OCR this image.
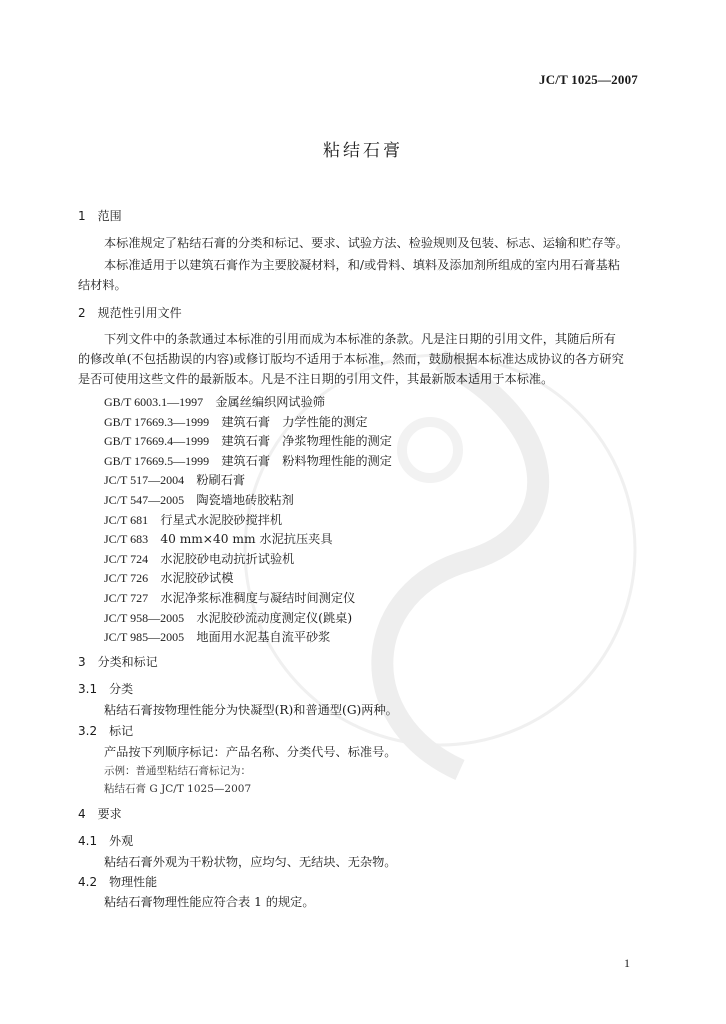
JC/T 1025—2007
粘结石膏
1　范围
本标准规定了粘结石膏的分类和标记、要求、试验方法、检验规则及包装、标志、运输和贮存等。
本标准适用于以建筑石膏作为主要胶凝材料，和/或骨料、填料及添加剂所组成的室内用石膏基粘
结材料。
2　规范性引用文件
下列文件中的条款通过本标准的引用而成为本标准的条款。凡是注日期的引用文件，其随后所有
的修改单(不包括勘误的内容)或修订版均不适用于本标准，然而，鼓励根据本标准达成协议的各方研究
是否可使用这些文件的最新版本。凡是不注日期的引用文件，其最新版本适用于本标准。
GB/T 6003.1—1997　 金属丝编织网试验筛
GB/T 17669.3—1999　 建筑石膏　力学性能的测定
GB/T 17669.4—1999　 建筑石膏　净浆物理性能的测定
GB/T 17669.5—1999　 建筑石膏　粉料物理性能的测定
JC/T 517—2004　 粉刷石膏
JC/T 547—2005　 陶瓷墙地砖胶粘剂
JC/T 681　 行星式水泥胶砂搅拌机
JC/T 683　 40 mm×40 mm 水泥抗压夹具
JC/T 724　 水泥胶砂电动抗折试验机
JC/T 726　 水泥胶砂试模
JC/T 727　 水泥净浆标准稠度与凝结时间测定仪
JC/T 958—2005　 水泥胶砂流动度测定仪(跳桌)
JC/T 985—2005　 地面用水泥基自流平砂浆
3　分类和标记
3.1　分类
粘结石膏按物理性能分为快凝型(R)和普通型(G)两种。
3.2　标记
产品按下列顺序标记：产品名称、分类代号、标准号。
示例：普通型粘结石膏标记为：
粘结石膏 G JC/T 1025—2007
4　要求
4.1　外观
粘结石膏外观为干粉状物，应均匀、无结块、无杂物。
4.2　物理性能
粘结石膏物理性能应符合表 1 的规定。
1
